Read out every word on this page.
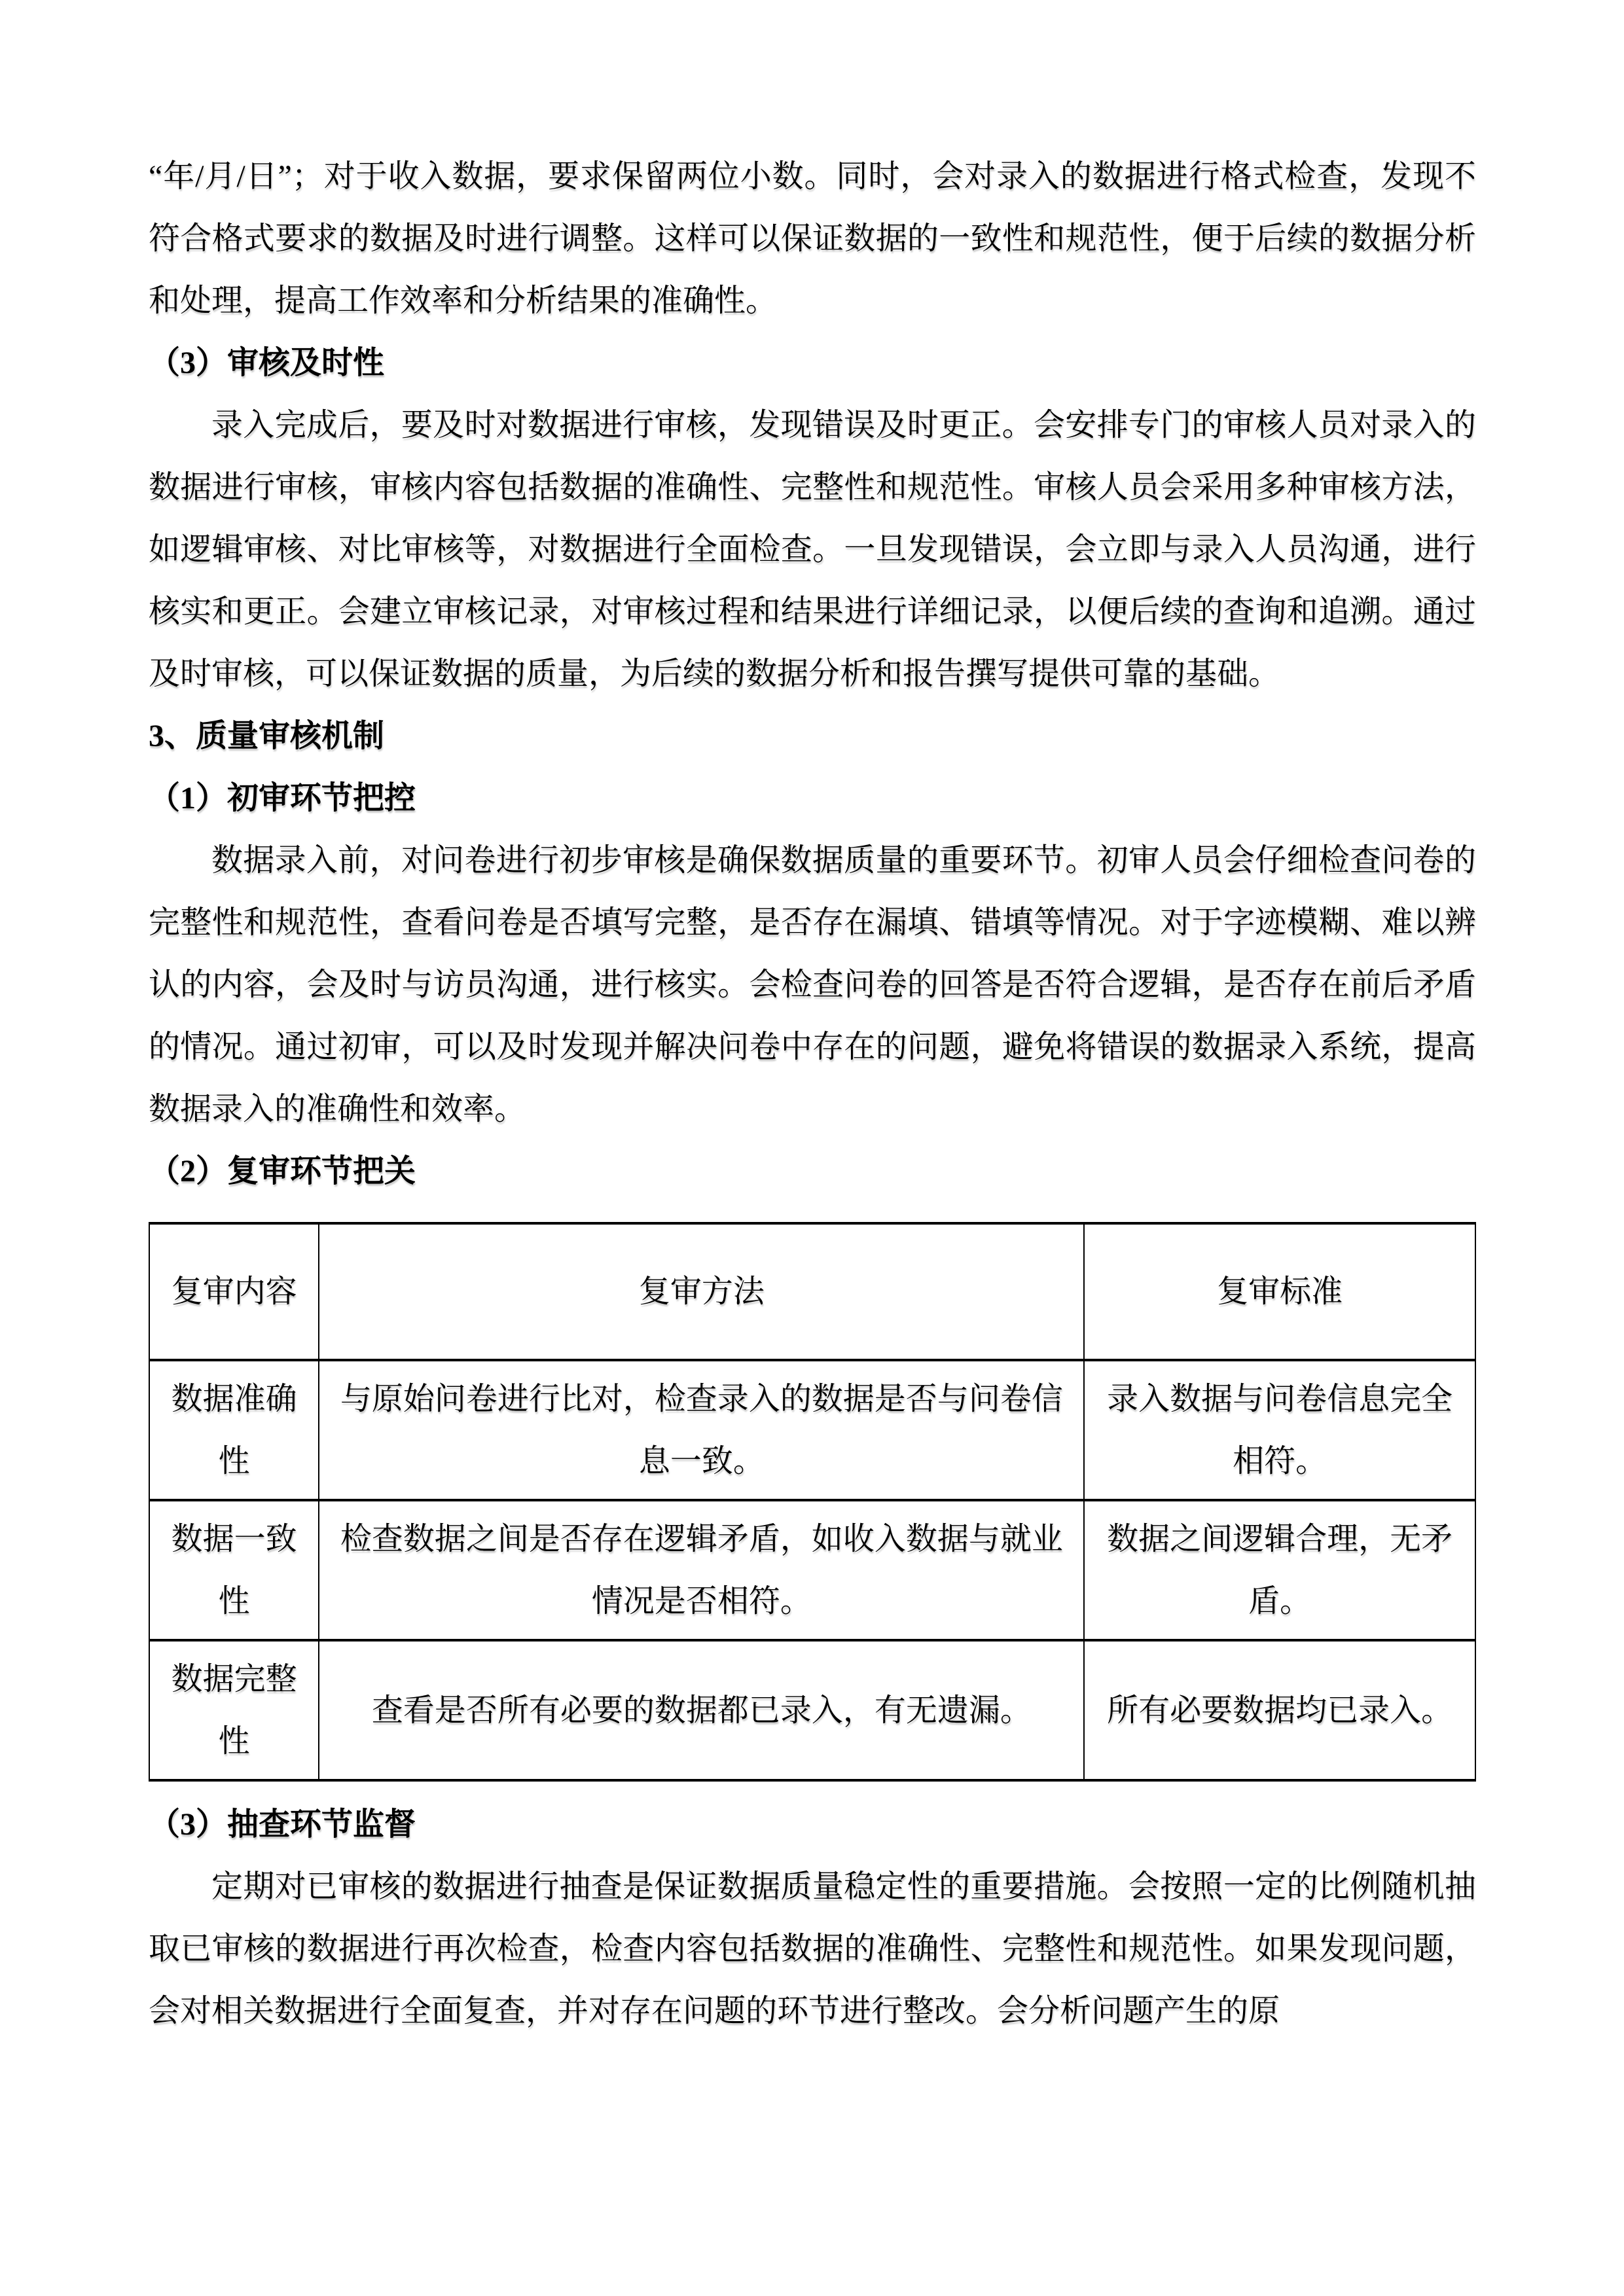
“年/月/日”；对于收入数据，要求保留两位小数。同时，会对录入的数据进行格式检查，发现不符合格式要求的数据及时进行调整。这样可以保证数据的一致性和规范性，便于后续的数据分析和处理，提高工作效率和分析结果的准确性。

（3）审核及时性

录入完成后，要及时对数据进行审核，发现错误及时更正。会安排专门的审核人员对录入的数据进行审核，审核内容包括数据的准确性、完整性和规范性。审核人员会采用多种审核方法，如逻辑审核、对比审核等，对数据进行全面检查。一旦发现错误，会立即与录入人员沟通，进行核实和更正。会建立审核记录，对审核过程和结果进行详细记录，以便后续的查询和追溯。通过及时审核，可以保证数据的质量，为后续的数据分析和报告撰写提供可靠的基础。

3、质量审核机制
（1）初审环节把控

数据录入前，对问卷进行初步审核是确保数据质量的重要环节。初审人员会仔细检查问卷的完整性和规范性，查看问卷是否填写完整，是否存在漏填、错填等情况。对于字迹模糊、难以辨认的内容，会及时与访员沟通，进行核实。会检查问卷的回答是否符合逻辑，是否存在前后矛盾的情况。通过初审，可以及时发现并解决问卷中存在的问题，避免将错误的数据录入系统，提高数据录入的准确性和效率。

（2）复审环节把关
复审内容	复审方法	复审标准
数据准确性	与原始问卷进行比对，检查录入的数据是否与问卷信息一致。	录入数据与问卷信息完全相符。
数据一致性	检查数据之间是否存在逻辑矛盾，如收入数据与就业情况是否相符。	数据之间逻辑合理，无矛盾。
数据完整性	查看是否所有必要的数据都已录入，有无遗漏。	所有必要数据均已录入。
（3）抽查环节监督

定期对已审核的数据进行抽查是保证数据质量稳定性的重要措施。会按照一定的比例随机抽取已审核的数据进行再次检查，检查内容包括数据的准确性、完整性和规范性。如果发现问题，会对相关数据进行全面复查，并对存在问题的环节进行整改。会分析问题产生的原
